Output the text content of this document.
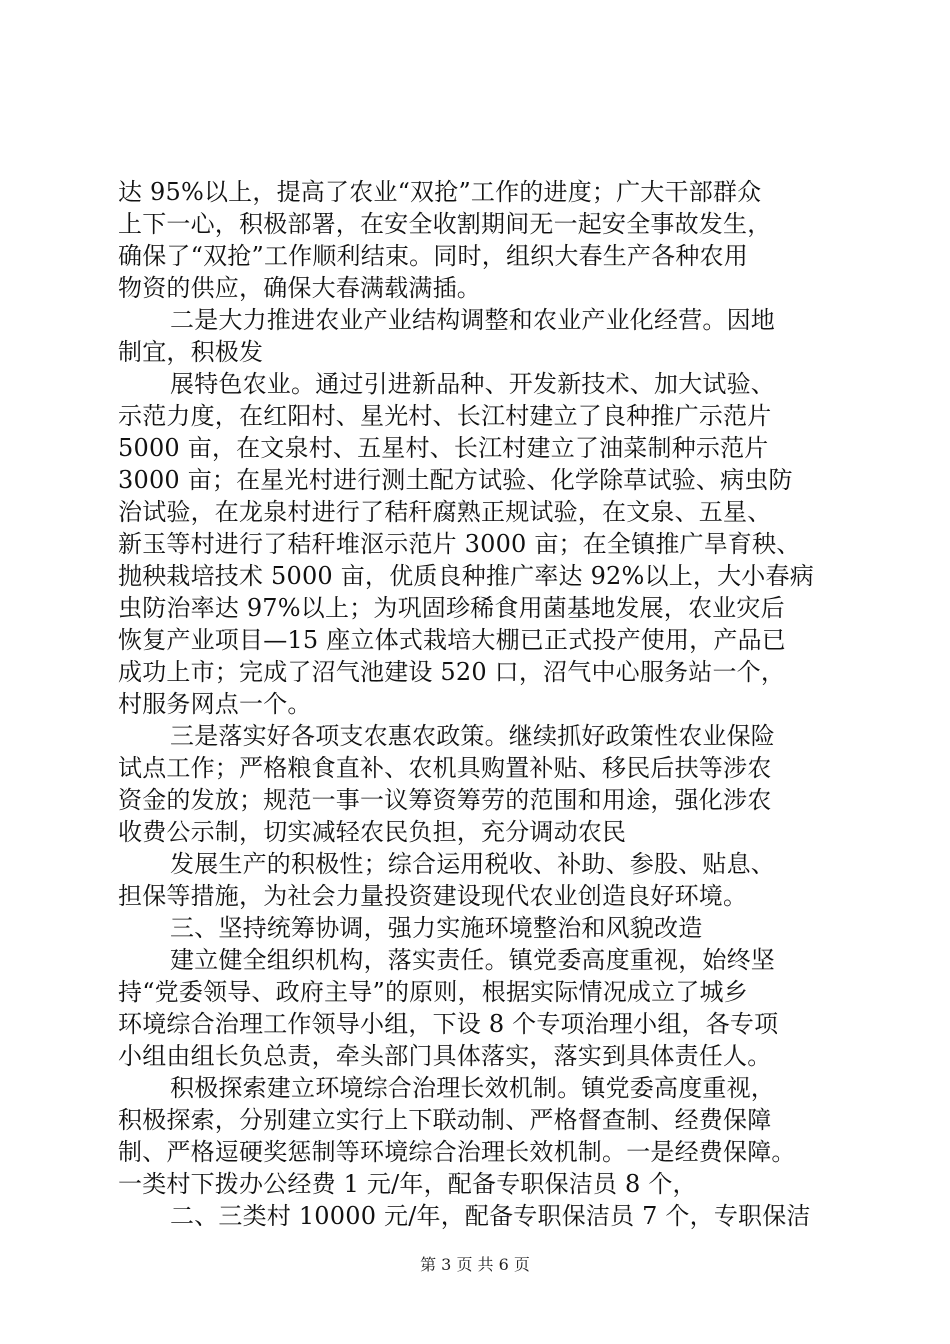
达 95%以上，提高了农业“双抢”工作的进度；广大干部群众
上下一心，积极部署，在安全收割期间无一起安全事故发生，
确保了“双抢”工作顺利结束。同时，组织大春生产各种农用
物资的供应，确保大春满载满插。
二是大力推进农业产业结构调整和农业产业化经营。因地
制宜，积极发
展特色农业。通过引进新品种、开发新技术、加大试验、
示范力度，在红阳村、星光村、长江村建立了良种推广示范片
5000 亩，在文泉村、五星村、长江村建立了油菜制种示范片
3000 亩；在星光村进行测土配方试验、化学除草试验、病虫防
治试验，在龙泉村进行了秸秆腐熟正规试验，在文泉、五星、
新玉等村进行了秸秆堆沤示范片 3000 亩；在全镇推广旱育秧、
抛秧栽培技术 5000 亩，优质良种推广率达 92%以上，大小春病
虫防治率达 97%以上；为巩固珍稀食用菌基地发展，农业灾后
恢复产业项目—15 座立体式栽培大棚已正式投产使用，产品已
成功上市；完成了沼气池建设 520 口，沼气中心服务站一个，
村服务网点一个。
三是落实好各项支农惠农政策。继续抓好政策性农业保险
试点工作；严格粮食直补、农机具购置补贴、移民后扶等涉农
资金的发放；规范一事一议筹资筹劳的范围和用途，强化涉农
收费公示制，切实减轻农民负担，充分调动农民
发展生产的积极性；综合运用税收、补助、参股、贴息、
担保等措施，为社会力量投资建设现代农业创造良好环境。
三、坚持统筹协调，强力实施环境整治和风貌改造
建立健全组织机构，落实责任。镇党委高度重视，始终坚
持“党委领导、政府主导”的原则，根据实际情况成立了城乡
环境综合治理工作领导小组，下设 8 个专项治理小组，各专项
小组由组长负总责，牵头部门具体落实，落实到具体责任人。
积极探索建立环境综合治理长效机制。镇党委高度重视，
积极探索，分别建立实行上下联动制、严格督查制、经费保障
制、严格逗硬奖惩制等环境综合治理长效机制。一是经费保障。
一类村下拨办公经费 1 元/年，配备专职保洁员 8 个，
二、三类村 10000 元/年，配备专职保洁员 7 个，专职保洁
第 3 页 共 6 页
